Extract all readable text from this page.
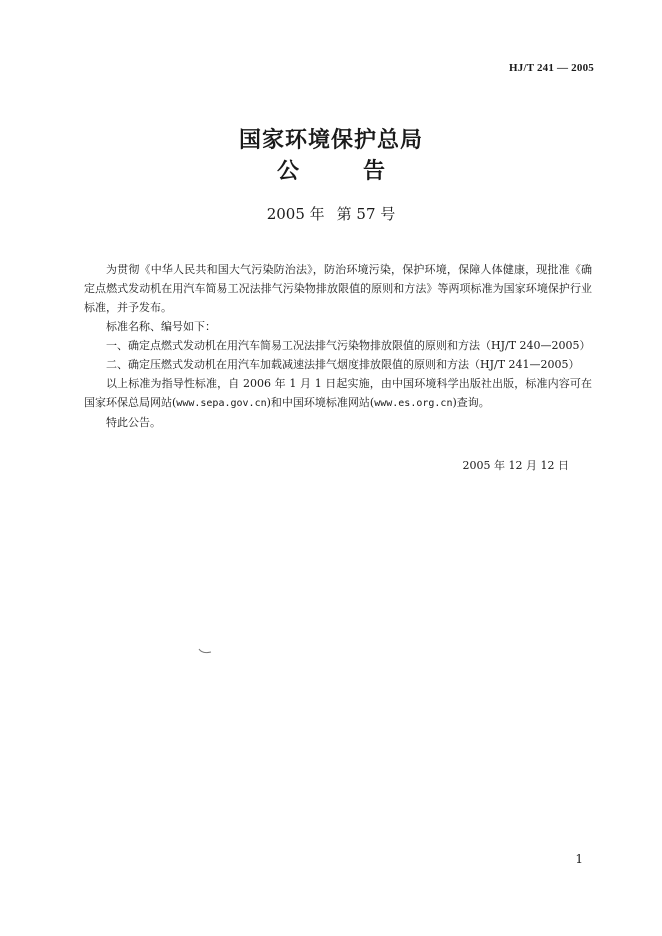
HJ/T 241 — 2005
国家环境保护总局
公	告
2005 年 第 57 号

为贯彻《中华人民共和国大气污染防治法》，防治环境污染，保护环境，保障人体健康，现批准《确定点燃式发动机在用汽车简易工况法排气污染物排放限值的原则和方法》等两项标准为国家环境保护行业标准，并予发布。

标准名称、编号如下：

一、确定点燃式发动机在用汽车简易工况法排气污染物排放限值的原则和方法（HJ/T 240—2005）

二、确定压燃式发动机在用汽车加载减速法排气烟度排放限值的原则和方法（HJ/T 241—2005）

以上标准为指导性标准，自 2006 年 1 月 1 日起实施，由中国环境科学出版社出版，标准内容可在国家环保总局网站(www.sepa.gov.cn)和中国环境标准网站(www.es.org.cn)查询。

特此公告。

2005 年 12 月 12 日
1
